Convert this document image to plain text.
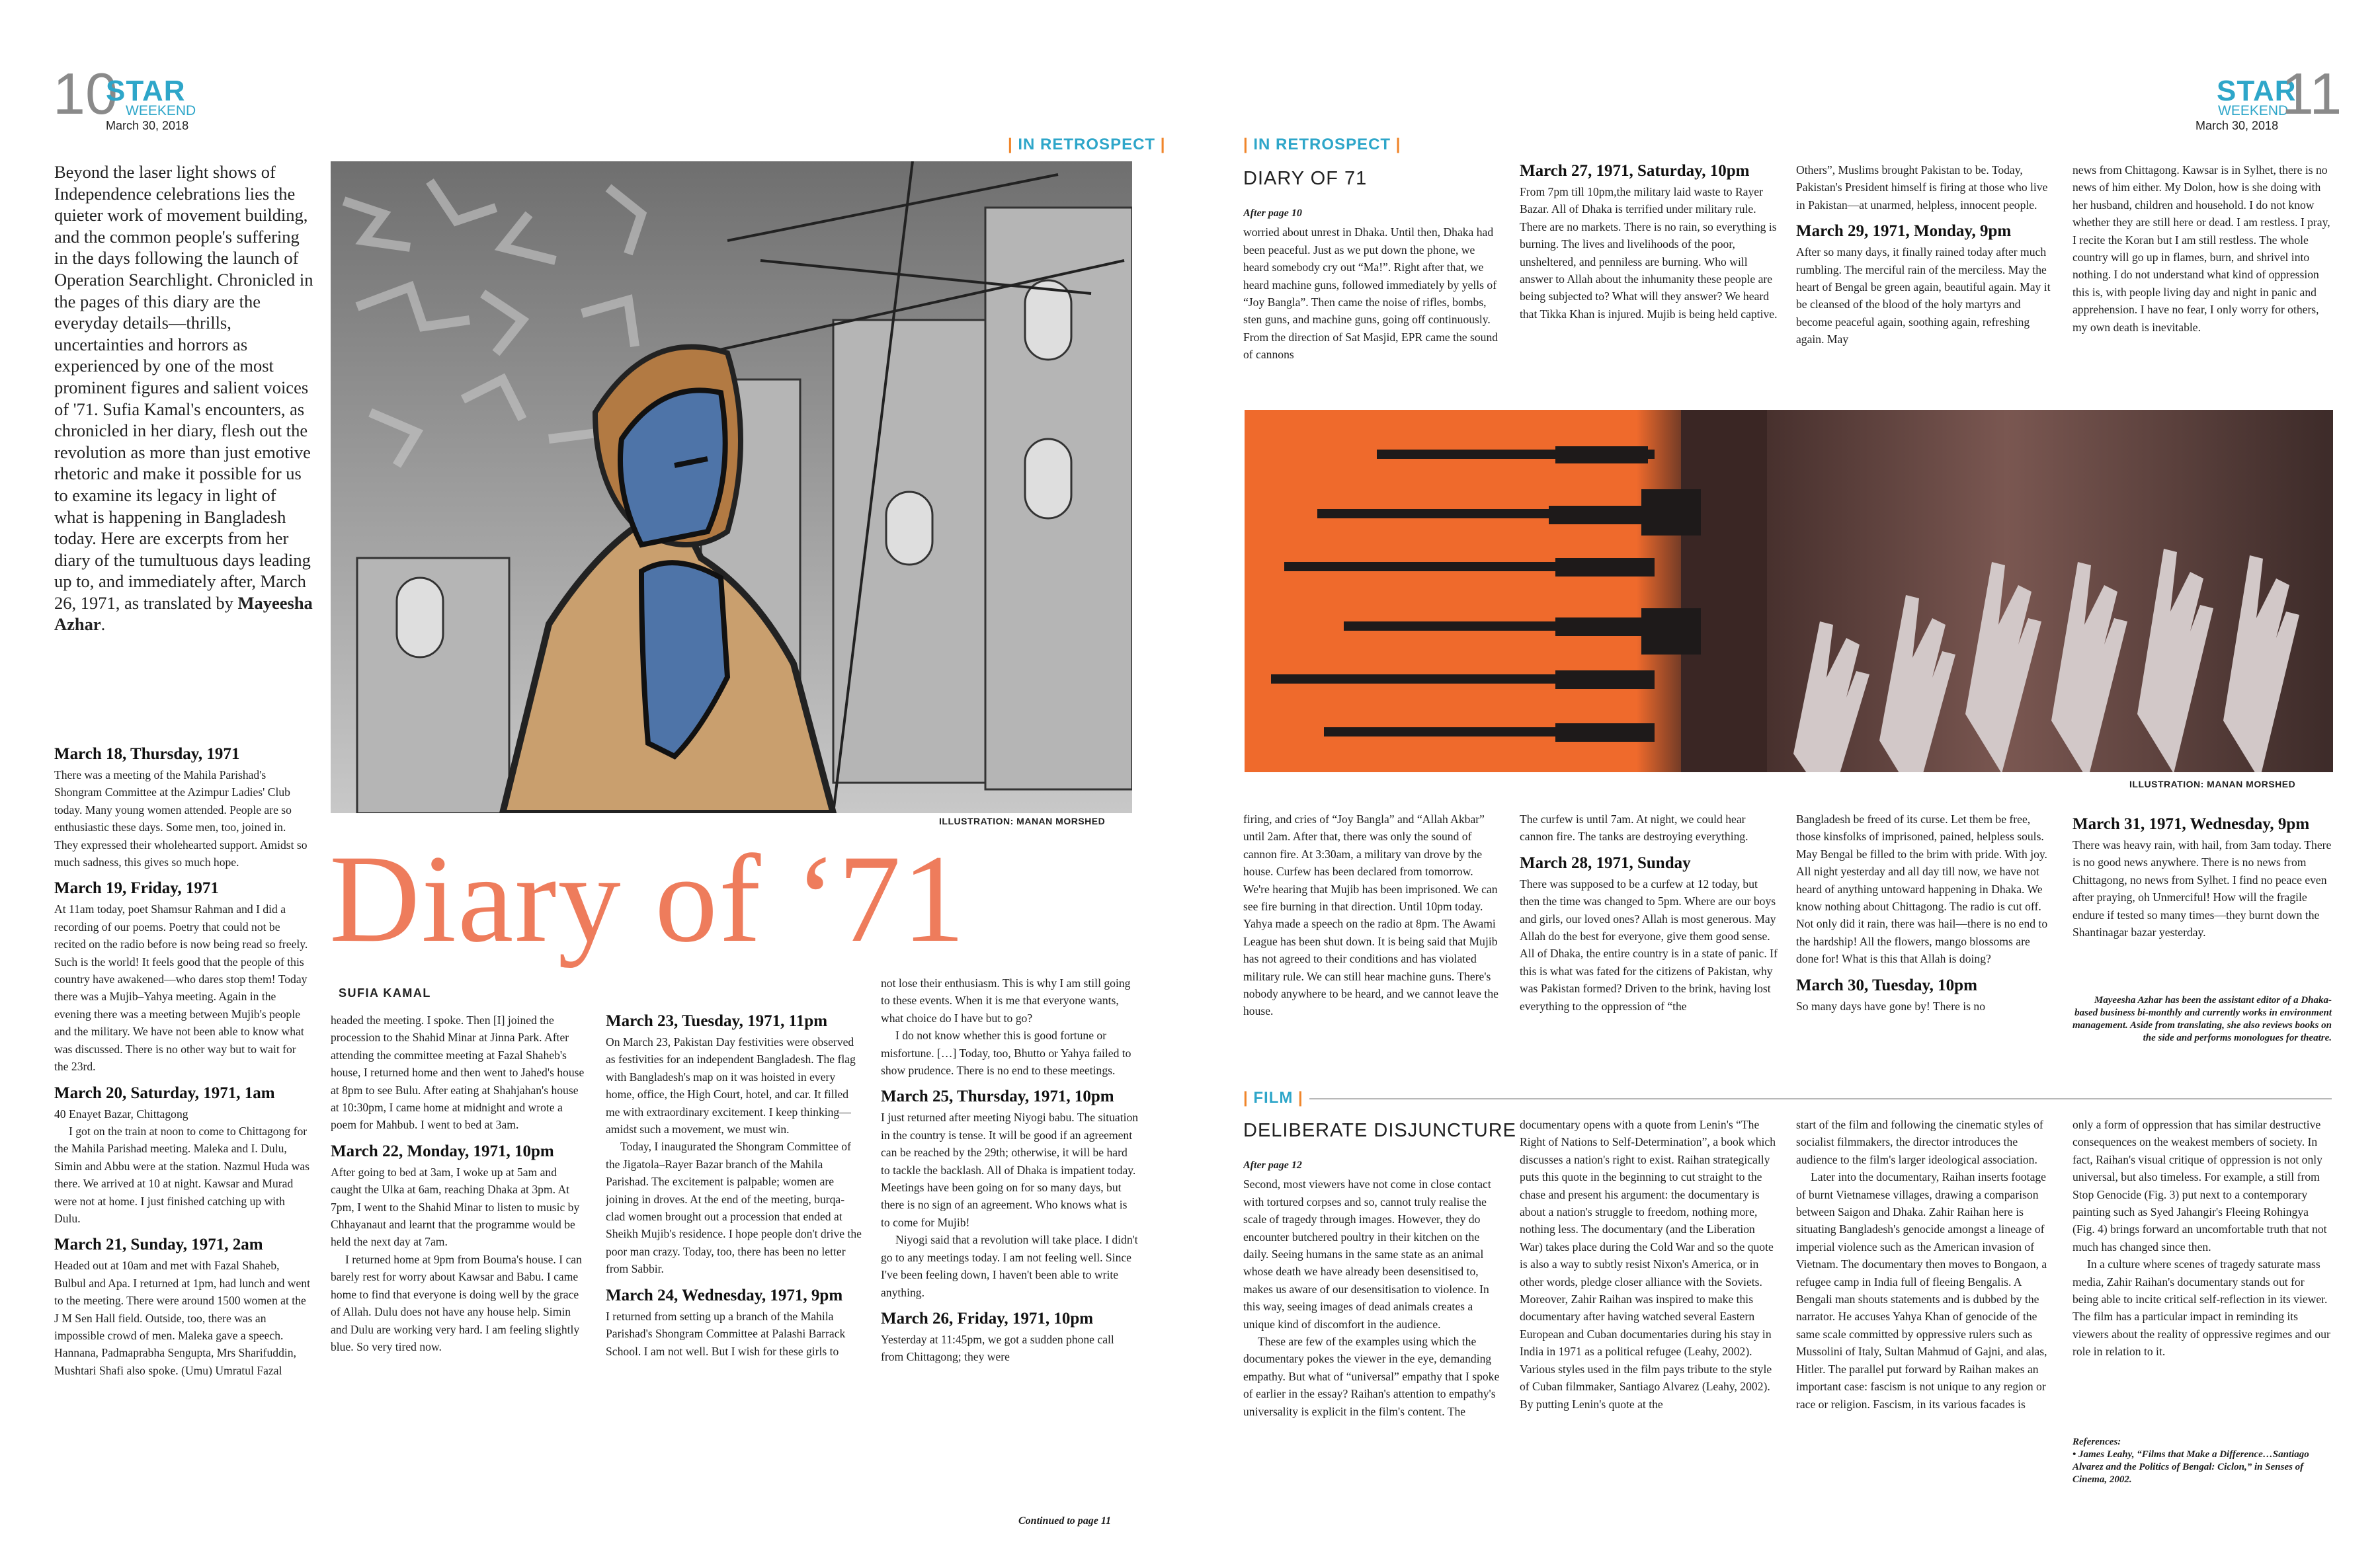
10
STAR
WEEKEND
March 30, 2018
| IN RETROSPECT |
Beyond the laser light shows of Independence celebrations lies the quieter work of movement building, and the common people's suffering in the days following the launch of Operation Searchlight. Chronicled in the pages of this diary are the everyday details—thrills, uncertainties and horrors as experienced by one of the most prominent figures and salient voices of '71. Sufia Kamal's encounters, as chronicled in her diary, flesh out the revolution as more than just emotive rhetoric and make it possible for us to examine its legacy in light of what is happening in Bangladesh today. Here are excerpts from her diary of the tumultuous days leading up to, and immediately after, March 26, 1971, as translated by Mayeesha Azhar.
ILLUSTRATION: MANAN MORSHED
Diary of ‘71
SUFIA KAMAL
March 18, Thursday, 1971

There was a meeting of the Mahila Parishad's Shongram Committee at the Azimpur Ladies' Club today. Many young women attended. People are so enthusiastic these days. Some men, too, joined in. They expressed their wholehearted support. Amidst so much sadness, this gives so much hope.

March 19, Friday, 1971

At 11am today, poet Shamsur Rahman and I did a recording of our poems. Poetry that could not be recited on the radio before is now being read so freely. Such is the world! It feels good that the people of this country have awakened—who dares stop them! Today there was a Mujib–Yahya meeting. Again in the evening there was a meeting between Mujib's people and the military. We have not been able to know what was discussed. There is no other way but to wait for the 23rd.

March 20, Saturday, 1971, 1am

40 Enayet Bazar, Chittagong

I got on the train at noon to come to Chittagong for the Mahila Parishad meeting. Maleka and I. Dulu, Simin and Abbu were at the station. Nazmul Huda was there. We arrived at 10 at night. Kawsar and Murad were not at home. I just finished catching up with Dulu.

March 21, Sunday, 1971, 2am

Headed out at 10am and met with Fazal Shaheb, Bulbul and Apa. I returned at 1pm, had lunch and went to the meeting. There were around 1500 women at the J M Sen Hall field. Outside, too, there was an impossible crowd of men. Maleka gave a speech. Hannana, Padmaprabha Sengupta, Mrs Sharifuddin, Mushtari Shafi also spoke. (Umu) Umratul Fazal

headed the meeting. I spoke. Then [I] joined the procession to the Shahid Minar at Jinna Park. After attending the committee meeting at Fazal Shaheb's house, I returned home and then went to Jahed's house at 8pm to see Bulu. After eating at Shahjahan's house at 10:30pm, I came home at midnight and wrote a poem for Mahbub. I went to bed at 3am.

March 22, Monday, 1971, 10pm

After going to bed at 3am, I woke up at 5am and caught the Ulka at 6am, reaching Dhaka at 3pm. At 7pm, I went to the Shahid Minar to listen to music by Chhayanaut and learnt that the programme would be held the next day at 7am.

I returned home at 9pm from Bouma's house. I can barely rest for worry about Kawsar and Babu. I came home to find that everyone is doing well by the grace of Allah. Dulu does not have any house help. Simin and Dulu are working very hard. I am feeling slightly blue. So very tired now.

March 23, Tuesday, 1971, 11pm

On March 23, Pakistan Day festivities were observed as festivities for an independent Bangladesh. The flag with Bangladesh's map on it was hoisted in every home, office, the High Court, hotel, and car. It filled me with extraordinary excitement. I keep thinking—amidst such a movement, we must win.

Today, I inaugurated the Shongram Committee of the Jigatola–Rayer Bazar branch of the Mahila Parishad. The excitement is palpable; women are joining in droves. At the end of the meeting, burqa-clad women brought out a procession that ended at Sheikh Mujib's residence. I hope people don't drive the poor man crazy. Today, too, there has been no letter from Sabbir.

March 24, Wednesday, 1971, 9pm

I returned from setting up a branch of the Mahila Parishad's Shongram Committee at Palashi Barrack School. I am not well. But I wish for these girls to

not lose their enthusiasm. This is why I am still going to these events. When it is me that everyone wants, what choice do I have but to go?

I do not know whether this is good fortune or misfortune. […] Today, too, Bhutto or Yahya failed to show prudence. There is no end to these meetings.

March 25, Thursday, 1971, 10pm

I just returned after meeting Niyogi babu. The situation in the country is tense. It will be good if an agreement can be reached by the 29th; otherwise, it will be hard to tackle the backlash. All of Dhaka is impatient today. Meetings have been going on for so many days, but there is no sign of an agreement. Who knows what is to come for Mujib!

Niyogi said that a revolution will take place. I didn't go to any meetings today. I am not feeling well. Since I've been feeling down, I haven't been able to write anything.

March 26, Friday, 1971, 10pm

Yesterday at 11:45pm, we got a sudden phone call from Chittagong; they were

Continued to page 11
STAR
WEEKEND
March 30, 2018 11
| IN RETROSPECT |
DIARY OF 71
After page 10

worried about unrest in Dhaka. Until then, Dhaka had been peaceful. Just as we put down the phone, we heard somebody cry out “Ma!”. Right after that, we heard machine guns, followed immediately by yells of “Joy Bangla”. Then came the noise of rifles, bombs, sten guns, and machine guns, going off continuously. From the direction of Sat Masjid, EPR came the sound of cannons

March 27, 1971, Saturday, 10pm

From 7pm till 10pm,the military laid waste to Rayer Bazar. All of Dhaka is terrified under military rule. There are no markets. There is no rain, so everything is burning. The lives and livelihoods of the poor, unsheltered, and penniless are burning. Who will answer to Allah about the inhumanity these people are being subjected to? What will they answer? We heard that Tikka Khan is injured. Mujib is being held captive.

Others”, Muslims brought Pakistan to be. Today, Pakistan's President himself is firing at those who live in Pakistan—at unarmed, helpless, innocent people.

March 29, 1971, Monday, 9pm

After so many days, it finally rained today after much rumbling. The merciful rain of the merciless. May the heart of Bengal be green again, beautiful again. May it be cleansed of the blood of the holy martyrs and become peaceful again, soothing again, refreshing again. May

news from Chittagong. Kawsar is in Sylhet, there is no news of him either. My Dolon, how is she doing with her husband, children and household. I do not know whether they are still here or dead. I am restless. I pray, I recite the Koran but I am still restless. The whole country will go up in flames, burn, and shrivel into nothing. I do not understand what kind of oppression this is, with people living day and night in panic and apprehension. I have no fear, I only worry for others, my own death is inevitable.

ILLUSTRATION: MANAN MORSHED

firing, and cries of “Joy Bangla” and “Allah Akbar” until 2am. After that, there was only the sound of cannon fire. At 3:30am, a military van drove by the house. Curfew has been declared from tomorrow. We're hearing that Mujib has been imprisoned. We can see fire burning in that direction. Until 10pm today. Yahya made a speech on the radio at 8pm. The Awami League has been shut down. It is being said that Mujib has not agreed to their conditions and has violated military rule. We can still hear machine guns. There's nobody anywhere to be heard, and we cannot leave the house.

The curfew is until 7am. At night, we could hear cannon fire. The tanks are destroying everything.

March 28, 1971, Sunday

There was supposed to be a curfew at 12 today, but then the time was changed to 5pm. Where are our boys and girls, our loved ones? Allah is most generous. May Allah do the best for everyone, give them good sense. All of Dhaka, the entire country is in a state of panic. If this is what was fated for the citizens of Pakistan, why was Pakistan formed? Driven to the brink, having lost everything to the oppression of “the

Bangladesh be freed of its curse. Let them be free, those kinsfolks of imprisoned, pained, helpless souls. May Bengal be filled to the brim with pride. With joy. All night yesterday and all day till now, we have not heard of anything untoward happening in Dhaka. We know nothing about Chittagong. The radio is cut off. Not only did it rain, there was hail—there is no end to the hardship! All the flowers, mango blossoms are done for! What is this that Allah is doing?

March 30, Tuesday, 10pm

So many days have gone by! There is no

March 31, 1971, Wednesday, 9pm

There was heavy rain, with hail, from 3am today. There is no good news anywhere. There is no news from Chittagong, no news from Sylhet. I find no peace even after praying, oh Unmerciful! How will the fragile endure if tested so many times—they burnt down the Shantinagar bazar yesterday.

Mayeesha Azhar has been the assistant editor of a Dhaka-based business bi-monthly and currently works in environment management. Aside from translating, she also reviews books on the side and performs monologues for theatre.
| FILM |
DELIBERATE DISJUNCTURE
After page 12

Second, most viewers have not come in close contact with tortured corpses and so, cannot truly realise the scale of tragedy through images. However, they do encounter butchered poultry in their kitchen on the daily. Seeing humans in the same state as an animal whose death we have already been desensitised to, makes us aware of our desensitisation to violence. In this way, seeing images of dead animals creates a unique kind of discomfort in the audience.

These are few of the examples using which the documentary pokes the viewer in the eye, demanding empathy. But what of “universal” empathy that I spoke of earlier in the essay? Raihan's attention to empathy's universality is explicit in the film's content. The

documentary opens with a quote from Lenin's “The Right of Nations to Self-Determination”, a book which discusses a nation's right to exist. Raihan strategically puts this quote in the beginning to cut straight to the chase and present his argument: the documentary is about a nation's struggle to freedom, nothing more, nothing less. The documentary (and the Liberation War) takes place during the Cold War and so the quote is also a way to subtly resist Nixon's America, or in other words, pledge closer alliance with the Soviets. Moreover, Zahir Raihan was inspired to make this documentary after having watched several Eastern European and Cuban documentaries during his stay in India in 1971 as a political refugee (Leahy, 2002). Various styles used in the film pays tribute to the style of Cuban filmmaker, Santiago Alvarez (Leahy, 2002). By putting Lenin's quote at the

start of the film and following the cinematic styles of socialist filmmakers, the director introduces the audience to the film's larger ideological association.

Later into the documentary, Raihan inserts footage of burnt Vietnamese villages, drawing a comparison between Saigon and Dhaka. Zahir Raihan here is situating Bangladesh's genocide amongst a lineage of imperial violence such as the American invasion of Vietnam. The documentary then moves to Bongaon, a refugee camp in India full of fleeing Bengalis. A Bengali man shouts statements and is dubbed by the narrator. He accuses Yahya Khan of genocide of the same scale committed by oppressive rulers such as Mussolini of Italy, Sultan Mahmud of Gajni, and alas, Hitler. The parallel put forward by Raihan makes an important case: fascism is not unique to any region or race or religion. Fascism, in its various facades is

only a form of oppression that has similar destructive consequences on the weakest members of society. In fact, Raihan's visual critique of oppression is not only universal, but also timeless. For example, a still from Stop Genocide (Fig. 3) put next to a contemporary painting such as Syed Jahangir's Fleeing Rohingya (Fig. 4) brings forward an uncomfortable truth that not much has changed since then.

In a culture where scenes of tragedy saturate mass media, Zahir Raihan's documentary stands out for being able to incite critical self-reflection in its viewer. The film has a particular impact in reminding its viewers about the reality of oppressive regimes and our role in relation to it.

References:
• James Leahy, “Films that Make a Difference…Santiago Alvarez and the Politics of Bengal: Ciclon,” in Senses of Cinema, 2002.
